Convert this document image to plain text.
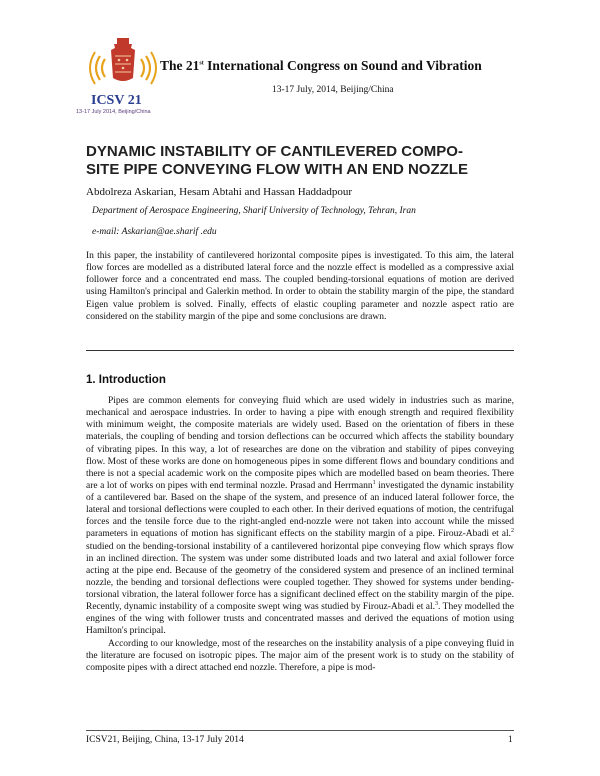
ICSV 21
13-17 July 2014, Beijing/China
The 21st International Congress on Sound and Vibration
13-17 July, 2014, Beijing/China
DYNAMIC INSTABILITY OF CANTILEVERED COMPO-
SITE PIPE CONVEYING FLOW WITH AN END NOZZLE
Abdolreza Askarian, Hesam Abtahi and Hassan Haddadpour
Department of Aerospace Engineering, Sharif University of Technology, Tehran, Iran
e-mail: Askarian@ae.sharif .edu
In this paper, the instability of cantilevered horizontal composite pipes is investigated. To this aim, the lateral flow forces are modelled as a distributed lateral force and the nozzle effect is modelled as a compressive axial follower force and a concentrated end mass. The coupled bending-torsional equations of motion are derived using Hamilton's principal and Galerkin method. In order to obtain the stability margin of the pipe, the standard Eigen value problem is solved. Finally, effects of elastic coupling parameter and nozzle aspect ratio are considered on the stability margin of the pipe and some conclusions are drawn.
1. Introduction

Pipes are common elements for conveying fluid which are used widely in industries such as marine, mechanical and aerospace industries. In order to having a pipe with enough strength and required flexibility with minimum weight, the composite materials are widely used. Based on the orientation of fibers in these materials, the coupling of bending and torsion deflections can be occurred which affects the stability boundary of vibrating pipes. In this way, a lot of researches are done on the vibration and stability of pipes conveying flow. Most of these works are done on homogeneous pipes in some different flows and boundary conditions and there is not a special academic work on the composite pipes which are modelled based on beam theories. There are a lot of works on pipes with end terminal nozzle. Prasad and Herrmann$^1$ investigated the dynamic instability of a cantilevered bar. Based on the shape of the system, and presence of an induced lateral follower force, the lateral and torsional deflections were coupled to each other. In their derived equations of motion, the centrifugal forces and the tensile force due to the right-angled end-nozzle were not taken into account while the missed parameters in equations of motion has significant effects on the stability margin of a pipe. Firouz-Abadi et al.$^2$ studied on the bending-torsional instability of a cantilevered horizontal pipe conveying flow which sprays flow in an inclined direction. The system was under some distributed loads and two lateral and axial follower force acting at the pipe end. Because of the geometry of the considered system and presence of an inclined terminal nozzle, the bending and torsional deflections were coupled together. They showed for systems under bending-torsional vibration, the lateral follower force has a significant declined effect on the stability margin of the pipe. Recently, dynamic instability of a composite swept wing was studied by Firouz-Abadi et al.$^3$. They modelled the engines of the wing with follower trusts and concentrated masses and derived the equations of motion using Hamilton's principal.

According to our knowledge, most of the researches on the instability analysis of a pipe conveying fluid in the literature are focused on isotropic pipes. The major aim of the present work is to study on the stability of composite pipes with a direct attached end nozzle. Therefore, a pipe is mod-

ICSV21, Beijing, China, 13-17 July 2014	1
